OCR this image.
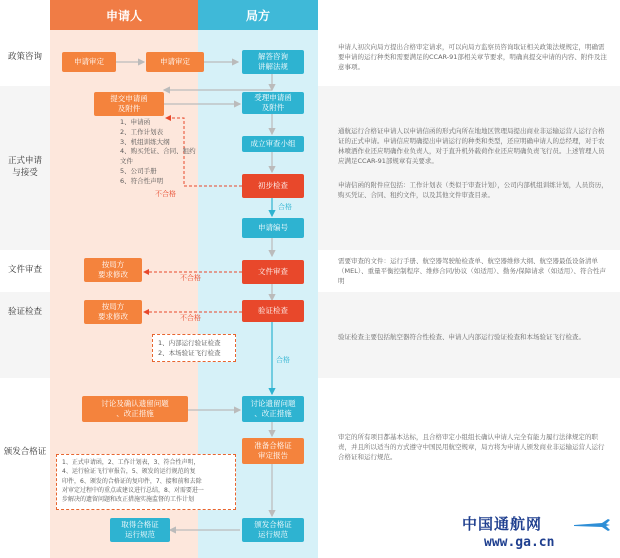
申请人	局方
政策咨询
正式申请
与接受
文件审查
验证检查
颁发合格证
申请审定	申请审定
解答咨询
讲解法规
提交申请函
及附件
受理申请函
及附件
1、申请函
2、工作计划表
3、机组训练大纲
4、购买凭证、合同、租约文件
5、公司手册
6、符合性声明
成立审查小组
初步检查
不合格
合格
申请编号
按局方
要求修改	文件审查
不合格
按局方
要求修改
验证检查
不合格
1、内部运行验证检查
2、本场验证飞行检查
合格
讨论及确认遗留问题
、改正措施
讨论遗留问题
、改正措施
准备合格证
审定报告
1、正式申请函，2、工作计划表，3、符合性声明，
4、运行验证飞行审报告，5、颁发的运行规范的复
印件，6、颁发的合格证的复印件，7、接和前和去除
对审定过程中的重点或建议进行总结，8、对需要进一
步解决的遗留问题和改正措施实施监督的工作计划
取得合格证
运行规范
颁发合格证
运行规范
申请人初次向局方提出合格审定请求，可以向局方监察员咨询取证相关政策法规规定，明确需要申请的运行种类和需要满足的CCAR-91部相关章节要求，明确真提交申请的内容、附件及注意事项。
通航运行合格证申请人以申请信函的形式向所在地地区管理局提出商业非运输运营人运行合格证的正式申请。申请信应明确提出申请运行的种类和类型，还应明确申请人的总经理，对于农林喷洒作业还应明确作业负责人，对于直升机外载荷作业还应明确负责飞行员。上述管理人员应满足CCAR-91部规章有关要求。
申请信函的附件应包括：工作计划表（类似于审查计划），公司内部机组训练计划，人员资历，购买凭证、合同、租约文件，以及其他文件审查目录。
需要审查的文件：运行手册、航空器驾驶舱检查单、航空器维修大纲、航空器最低设备清单（MEL）、重量平衡控制程序、维修合同/协议（如适用）、勤务/保障请求（如适用）、符合性声明
验证检查主要包括航空器符合性检查、申请人内部运行验证检查和本场验证飞行检查。
审定的所有项目都基本达标，且合格审定小组组长确认申请人完全有能力履行法律规定的职责，并且所以适当的方式遵守中国民用航空规章，局方将为申请人颁发商业非运输运营人运行合格证和运行规范。
中国通航网
www.ga.cn
